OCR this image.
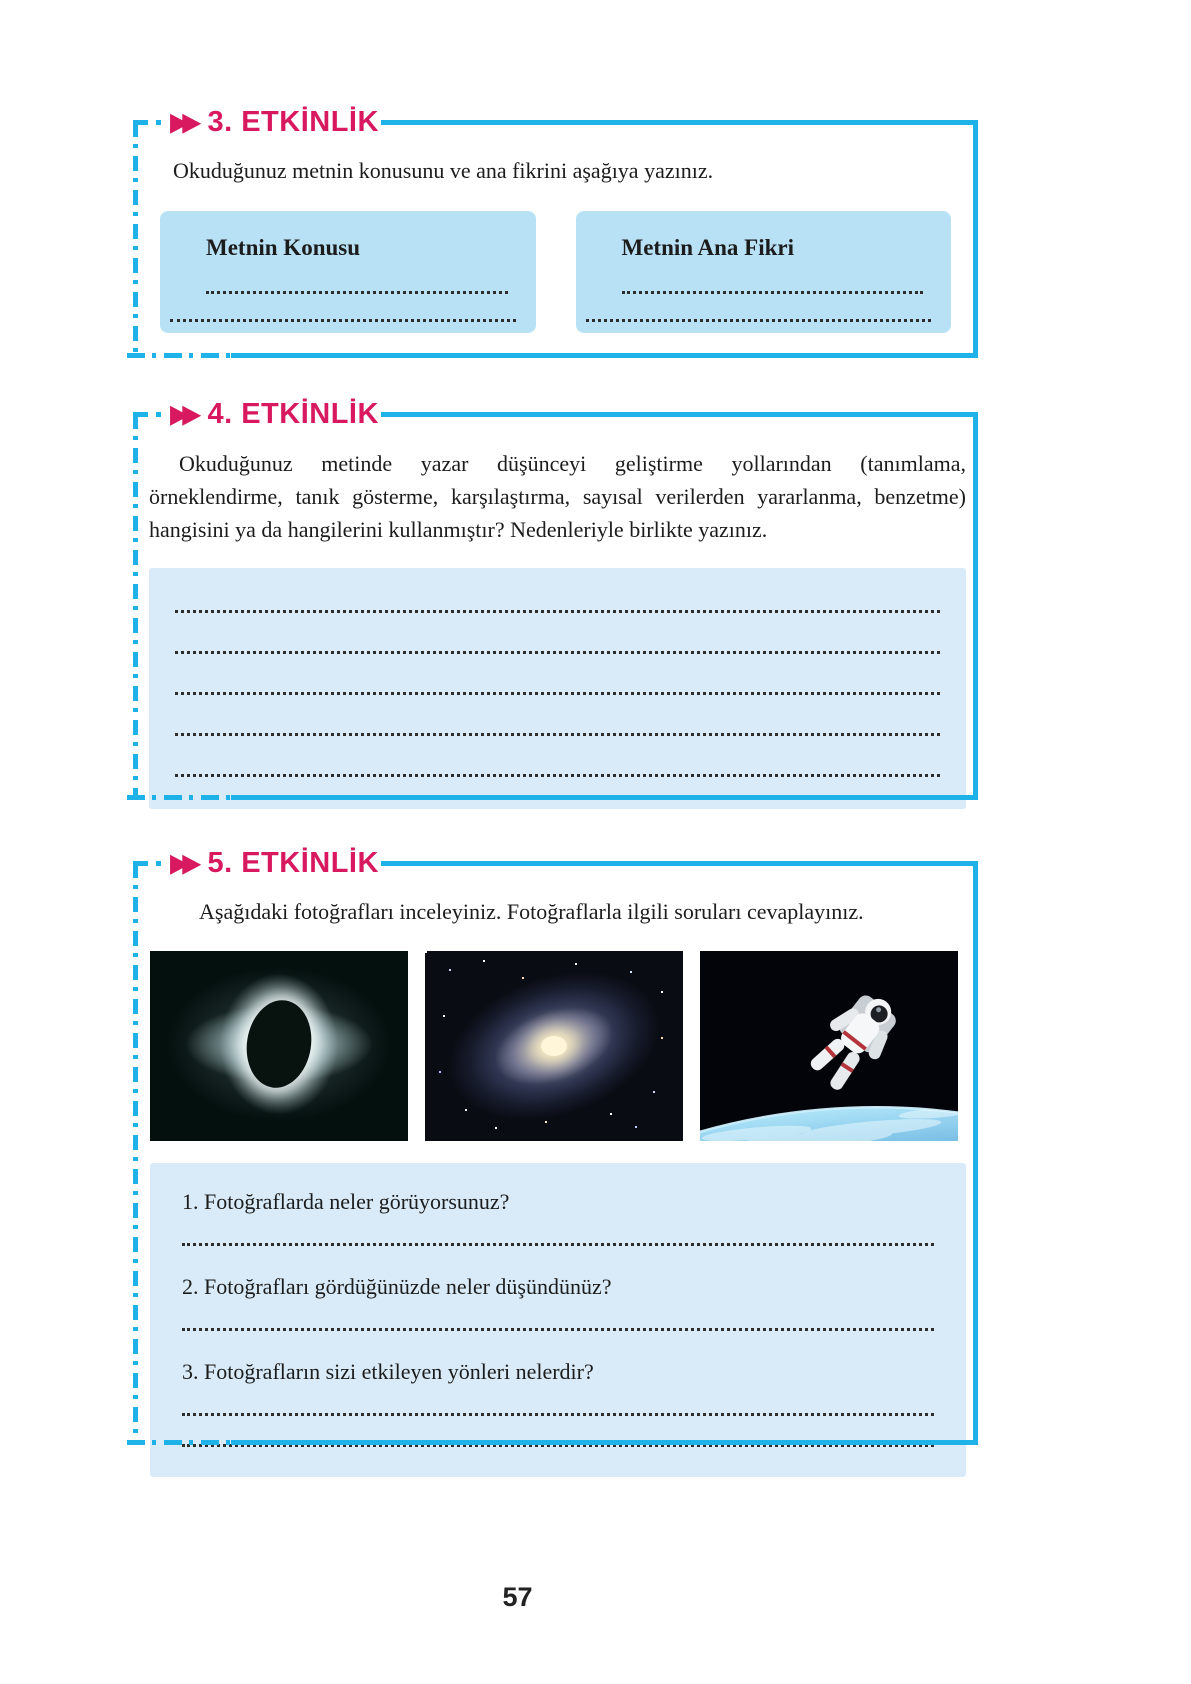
▶▶ 3. ETKİNLİK

Okuduğunuz metnin konusunu ve ana fikrini aşağıya yazınız.

Metnin Konusu	Metnin Ana Fikri
▶▶ 4. ETKİNLİK

Okuduğunuz metinde yazar düşünceyi geliştirme yollarından (tanımlama, örneklendirme, tanık gösterme, karşılaştırma, sayısal verilerden yararlanma, benzetme) hangisini ya da hangilerini kullanmıştır? Nedenleriyle birlikte yazınız.

▶▶ 5. ETKİNLİK

Aşağıdaki fotoğrafları inceleyiniz. Fotoğraflarla ilgili soruları cevaplayınız.

1. Fotoğraflarda neler görüyorsunuz?

2. Fotoğrafları gördüğünüzde neler düşündünüz?

3. Fotoğrafların sizi etkileyen yönleri nelerdir?

57
